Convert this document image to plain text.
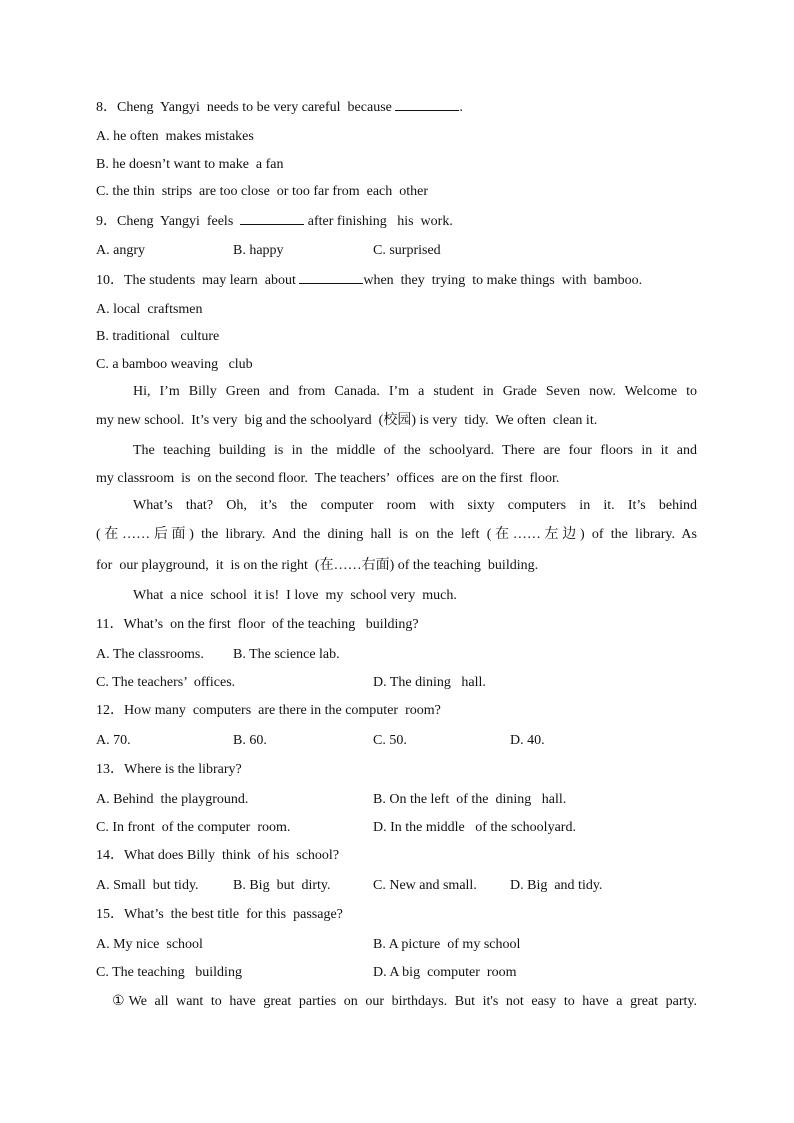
8．Cheng  Yangyi  needs to be very careful  because	.
A. he often  makes mistakes
B. he doesn’t want to make  a fan
C. the thin  strips  are too close  or too far from  each  other
9．Cheng  Yangyi  feels	after finishing   his  work.
A. angry	B. happy	C. surprised
10．The students  may learn  about	when  they  trying  to make things  with  bamboo.
A. local  craftsmen
B. traditional   culture
C. a bamboo weaving   club
Hi, I’m Billy Green and from Canada. I’m a student in Grade Seven now. Welcome to
my new school.  It’s very  big and the schoolyard  (校园) is very  tidy.  We often  clean it.
The teaching building is in the middle of the schoolyard. There are four floors in it and
my classroom  is  on the second floor.  The teachers’  offices  are on the first  floor.
What’s that? Oh, it’s the computer room with sixty computers in it. It’s behind
(在……后面) the library. And the dining hall is on the left (在……左边) of the library. As
for  our playground,  it  is on the right  (在……右面) of the teaching  building.
What  a nice  school  it is!  I love  my  school very  much.
11．What’s  on the first  floor  of the teaching   building?
A. The classrooms. B. The science lab.
C. The teachers’  offices.	D. The dining   hall.
12．How many  computers  are there in the computer  room?
A. 70.	B. 60.	C. 50.	D. 40.
13．Where is the library?
A. Behind  the playground.	B. On the left  of the  dining   hall.
C. In front  of the computer  room.	D. In the middle   of the schoolyard.
14．What does Billy  think  of his  school?
A. Small  but tidy. B. Big  but  dirty.	C. New and small. D. Big  and tidy.
15．What’s  the best title  for this  passage?
A. My nice  school	B. A picture  of my school
C. The teaching   building	D. A big  computer  room
①We all want to have great parties on our birthdays. But it's not easy to have a great party.
